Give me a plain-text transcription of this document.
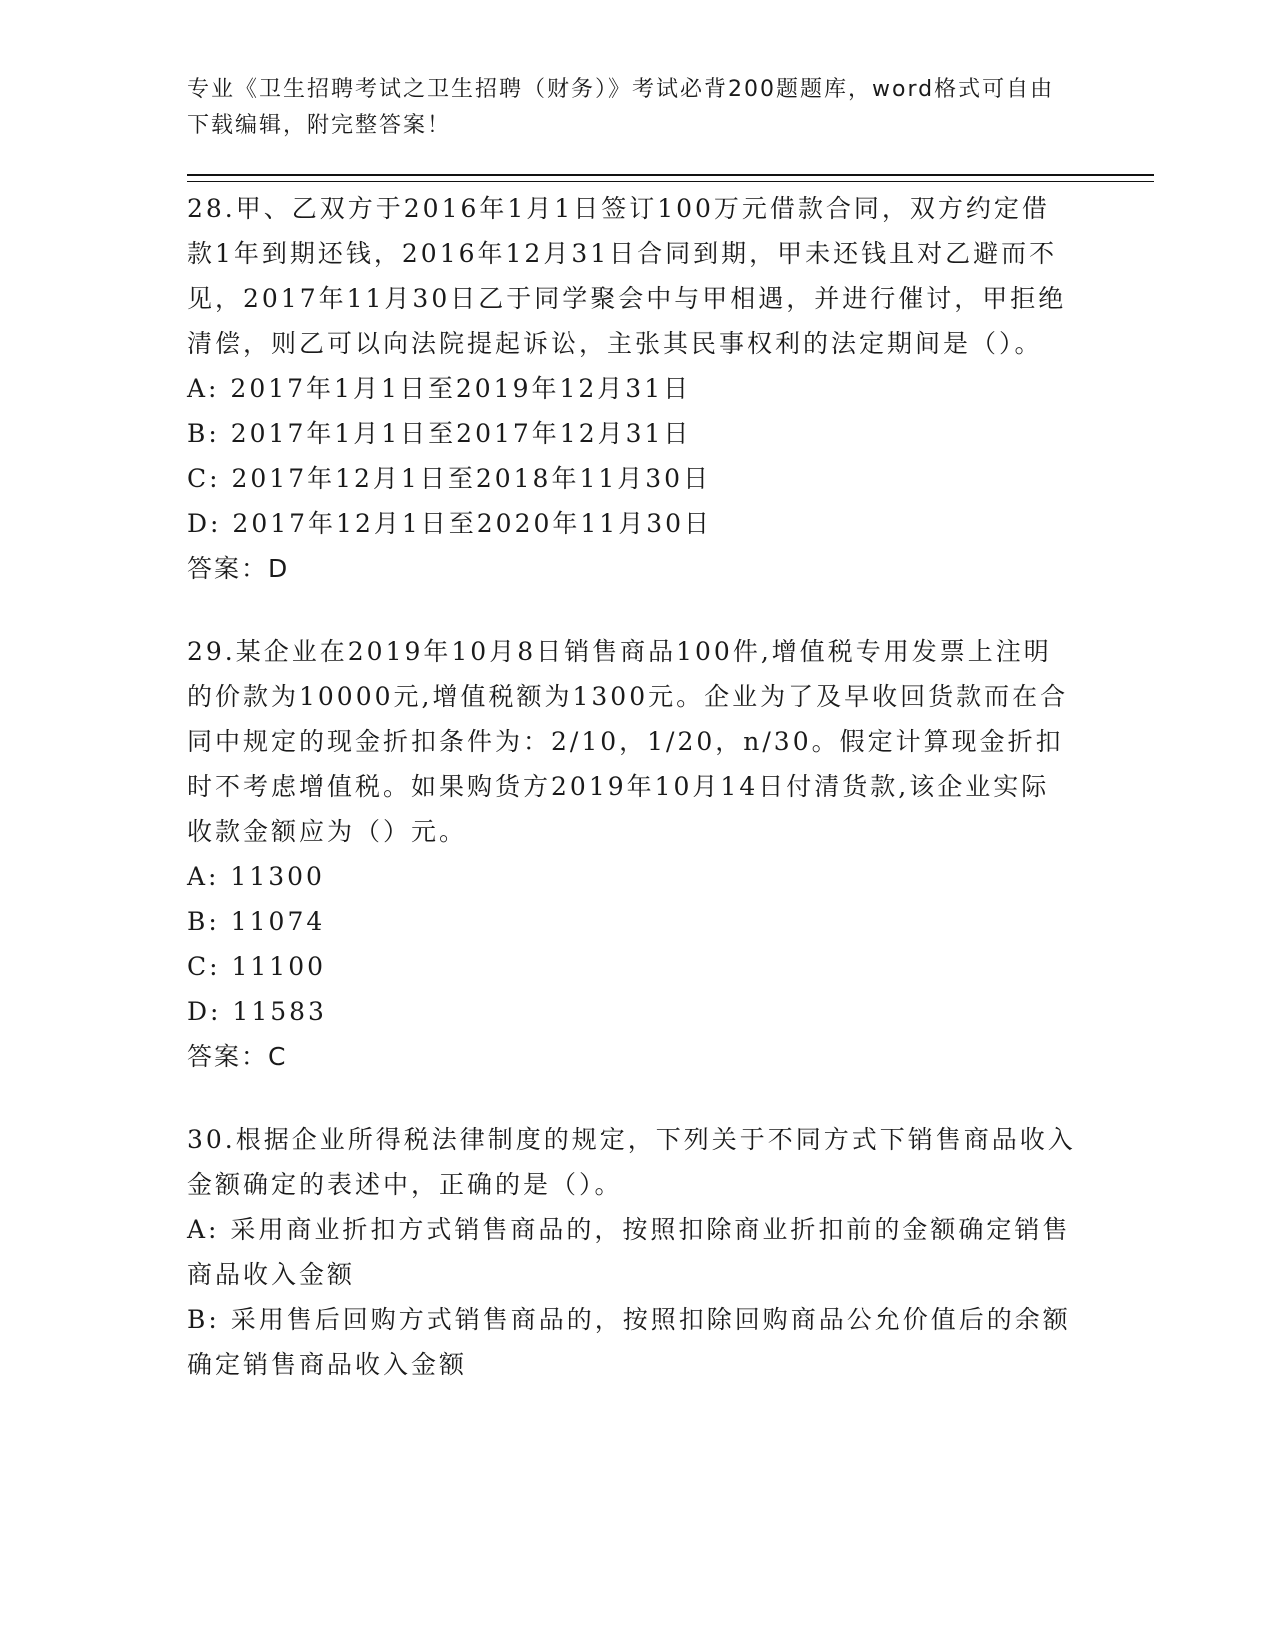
专业《卫生招聘考试之卫生招聘（财务）》考试必背200题题库，word格式可自由下载编辑，附完整答案！
28.甲、乙双方于2016年1月1日签订100万元借款合同，双方约定借款1年到期还钱，2016年12月31日合同到期，甲未还钱且对乙避而不见，2017年11月30日乙于同学聚会中与甲相遇，并进行催讨，甲拒绝清偿，则乙可以向法院提起诉讼，主张其民事权利的法定期间是（）。
A: 2017年1月1日至2019年12月31日
B: 2017年1月1日至2017年12月31日
C: 2017年12月1日至2018年11月30日
D: 2017年12月1日至2020年11月30日
答案：D
29.某企业在2019年10月8日销售商品100件,增值税专用发票上注明的价款为10000元,增值税额为1300元。企业为了及早收回货款而在合同中规定的现金折扣条件为：2/10，1/20，n/30。假定计算现金折扣时不考虑增值税。如果购货方2019年10月14日付清货款,该企业实际收款金额应为（）元。
A: 11300
B: 11074
C: 11100
D: 11583
答案：C
30.根据企业所得税法律制度的规定，下列关于不同方式下销售商品收入金额确定的表述中，正确的是（）。
A: 采用商业折扣方式销售商品的，按照扣除商业折扣前的金额确定销售商品收入金额
B: 采用售后回购方式销售商品的，按照扣除回购商品公允价值后的余额确定销售商品收入金额
